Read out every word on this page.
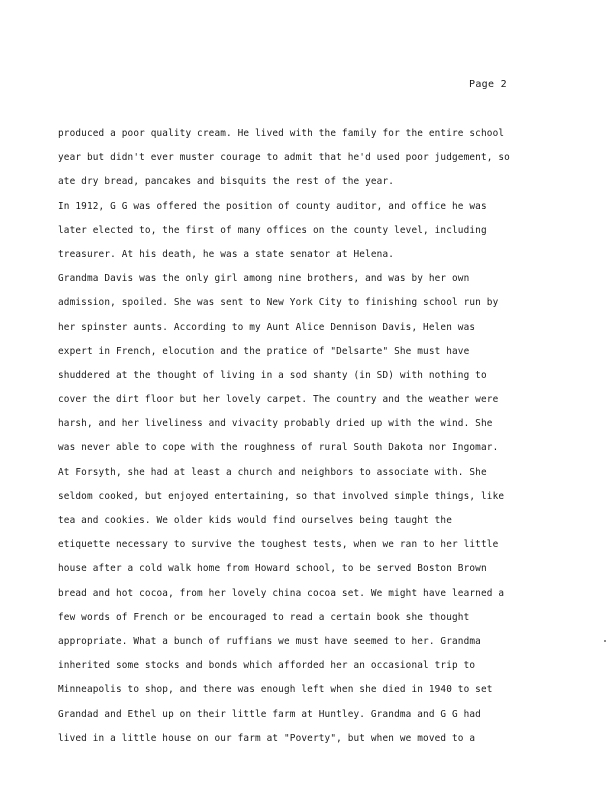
Page 2
produced a poor quality cream. He lived with the family for the entire school
year but didn't ever muster courage to admit that he'd used poor judgement, so
ate dry bread, pancakes and bisquits the rest of the year.
In 1912, G G was offered the position of county auditor, and office he was
later elected to, the first of many offices on the county level, including
treasurer. At his death, he was a state senator at Helena.
Grandma Davis was the only girl among nine brothers, and was by her own
admission, spoiled. She was sent to New York City to finishing school run by
her spinster aunts. According to my Aunt Alice Dennison Davis, Helen was
expert in French, elocution and the pratice of "Delsarte" She must have
shuddered at the thought of living in a sod shanty (in SD) with nothing to
cover the dirt floor but her lovely carpet. The country and the weather were
harsh, and her liveliness and vivacity probably dried up with the wind. She
was never able to cope with the roughness of rural South Dakota nor Ingomar.
At Forsyth, she had at least a church and neighbors to associate with. She
seldom cooked, but enjoyed entertaining, so that involved simple things, like
tea and cookies. We older kids would find ourselves being taught the
etiquette necessary to survive the toughest tests, when we ran to her little
house after a cold walk home from Howard school, to be served Boston Brown
bread and hot cocoa, from her lovely china cocoa set. We might have learned a
few words of French or be encouraged to read a certain book she thought
appropriate. What a bunch of ruffians we must have seemed to her. Grandma
inherited some stocks and bonds which afforded her an occasional trip to
Minneapolis to shop, and there was enough left when she died in 1940 to set
Grandad and Ethel up on their little farm at Huntley. Grandma and G G had
lived in a little house on our farm at "Poverty", but when we moved to a
